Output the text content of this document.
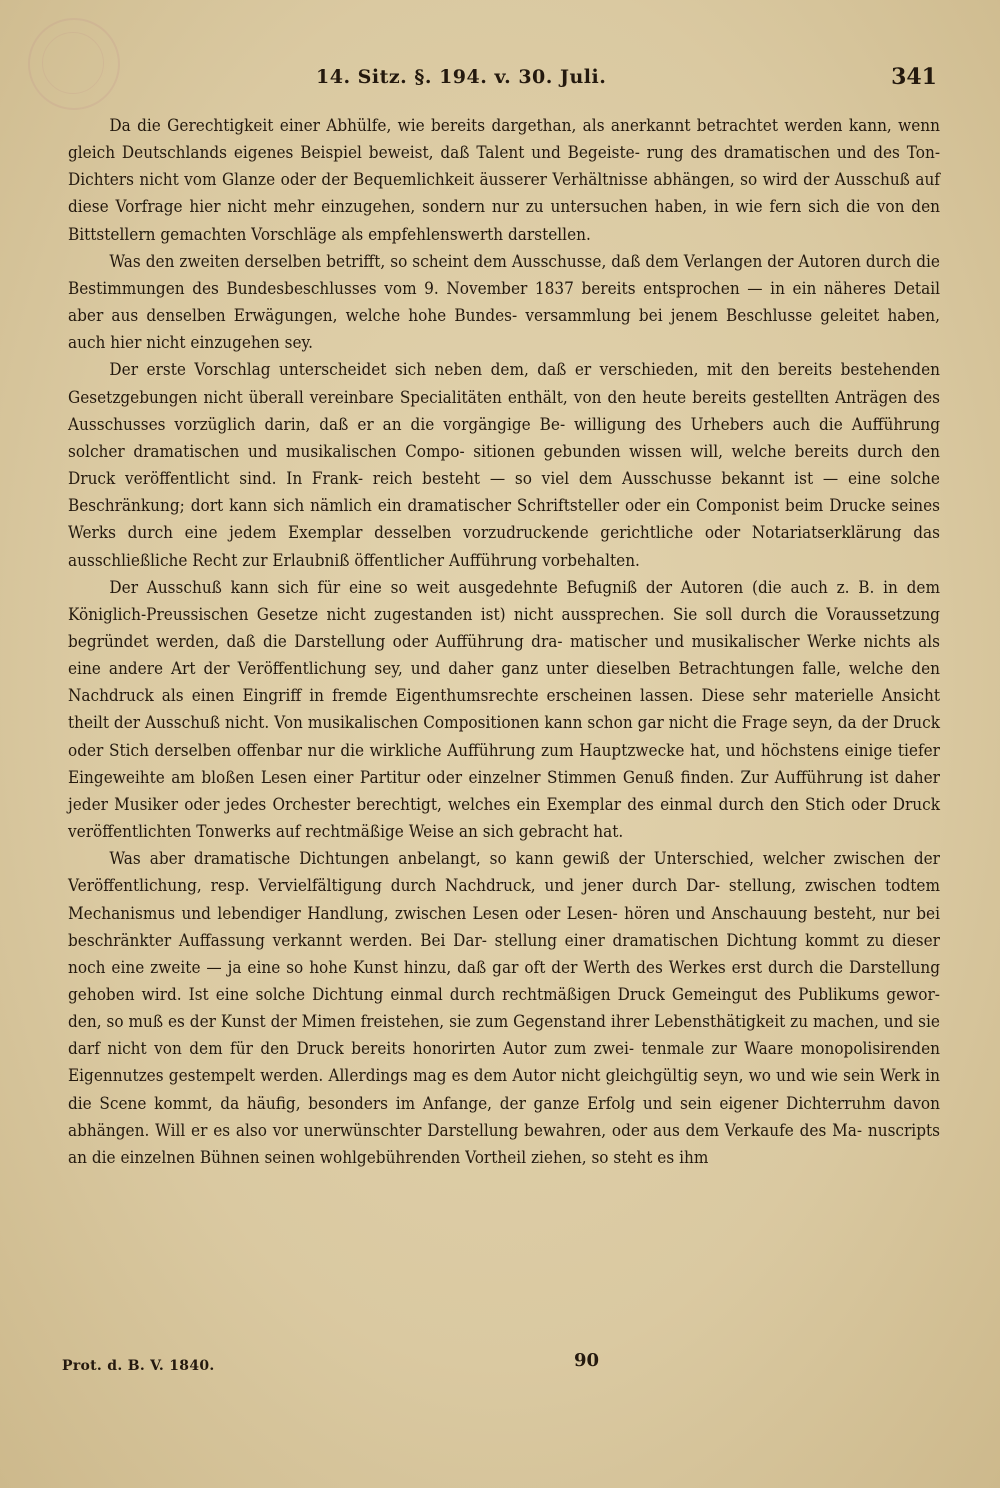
14. Sitz. §. 194. v. 30. Juli.	341

Da die Gerechtigkeit einer Abhülfe, wie bereits dargethan, als anerkannt betrachtet werden kann, wenn gleich Deutschlands eigenes Beispiel beweist, daß Talent und Begeiste- rung des dramatischen und des Ton-Dichters nicht vom Glanze oder der Bequemlichkeit äusserer Verhältnisse abhängen, so wird der Ausschuß auf diese Vorfrage hier nicht mehr einzugehen, sondern nur zu untersuchen haben, in wie fern sich die von den Bittstellern gemachten Vorschläge als empfehlenswerth darstellen.

Was den zweiten derselben betrifft, so scheint dem Ausschusse, daß dem Verlangen der Autoren durch die Bestimmungen des Bundesbeschlusses vom 9. November 1837 bereits entsprochen — in ein näheres Detail aber aus denselben Erwägungen, welche hohe Bundes- versammlung bei jenem Beschlusse geleitet haben, auch hier nicht einzugehen sey.

Der erste Vorschlag unterscheidet sich neben dem, daß er verschieden, mit den bereits bestehenden Gesetzgebungen nicht überall vereinbare Specialitäten enthält, von den heute bereits gestellten Anträgen des Ausschusses vorzüglich darin, daß er an die vorgängige Be- willigung des Urhebers auch die Aufführung solcher dramatischen und musikalischen Compo- sitionen gebunden wissen will, welche bereits durch den Druck veröffentlicht sind. In Frank- reich besteht — so viel dem Ausschusse bekannt ist — eine solche Beschränkung; dort kann sich nämlich ein dramatischer Schriftsteller oder ein Componist beim Drucke seines Werks durch eine jedem Exemplar desselben vorzudruckende gerichtliche oder Notariatserklärung das ausschließliche Recht zur Erlaubniß öffentlicher Aufführung vorbehalten.

Der Ausschuß kann sich für eine so weit ausgedehnte Befugniß der Autoren (die auch z. B. in dem Königlich-Preussischen Gesetze nicht zugestanden ist) nicht aussprechen. Sie soll durch die Voraussetzung begründet werden, daß die Darstellung oder Aufführung dra- matischer und musikalischer Werke nichts als eine andere Art der Veröffentlichung sey, und daher ganz unter dieselben Betrachtungen falle, welche den Nachdruck als einen Eingriff in fremde Eigenthumsrechte erscheinen lassen. Diese sehr materielle Ansicht theilt der Ausschuß nicht. Von musikalischen Compositionen kann schon gar nicht die Frage seyn, da der Druck oder Stich derselben offenbar nur die wirkliche Aufführung zum Hauptzwecke hat, und höchstens einige tiefer Eingeweihte am bloßen Lesen einer Partitur oder einzelner Stimmen Genuß finden. Zur Aufführung ist daher jeder Musiker oder jedes Orchester berechtigt, welches ein Exemplar des einmal durch den Stich oder Druck veröffentlichten Tonwerks auf rechtmäßige Weise an sich gebracht hat.

Was aber dramatische Dichtungen anbelangt, so kann gewiß der Unterschied, welcher zwischen der Veröffentlichung, resp. Vervielfältigung durch Nachdruck, und jener durch Dar- stellung, zwischen todtem Mechanismus und lebendiger Handlung, zwischen Lesen oder Lesen- hören und Anschauung besteht, nur bei beschränkter Auffassung verkannt werden. Bei Dar- stellung einer dramatischen Dichtung kommt zu dieser noch eine zweite — ja eine so hohe Kunst hinzu, daß gar oft der Werth des Werkes erst durch die Darstellung gehoben wird. Ist eine solche Dichtung einmal durch rechtmäßigen Druck Gemeingut des Publikums gewor- den, so muß es der Kunst der Mimen freistehen, sie zum Gegenstand ihrer Lebensthätigkeit zu machen, und sie darf nicht von dem für den Druck bereits honorirten Autor zum zwei- tenmale zur Waare monopolisirenden Eigennutzes gestempelt werden. Allerdings mag es dem Autor nicht gleichgültig seyn, wo und wie sein Werk in die Scene kommt, da häufig, besonders im Anfange, der ganze Erfolg und sein eigener Dichterruhm davon abhängen. Will er es also vor unerwünschter Darstellung bewahren, oder aus dem Verkaufe des Ma- nuscripts an die einzelnen Bühnen seinen wohlgebührenden Vortheil ziehen, so steht es ihm

Prot. d. B. V. 1840.	90
